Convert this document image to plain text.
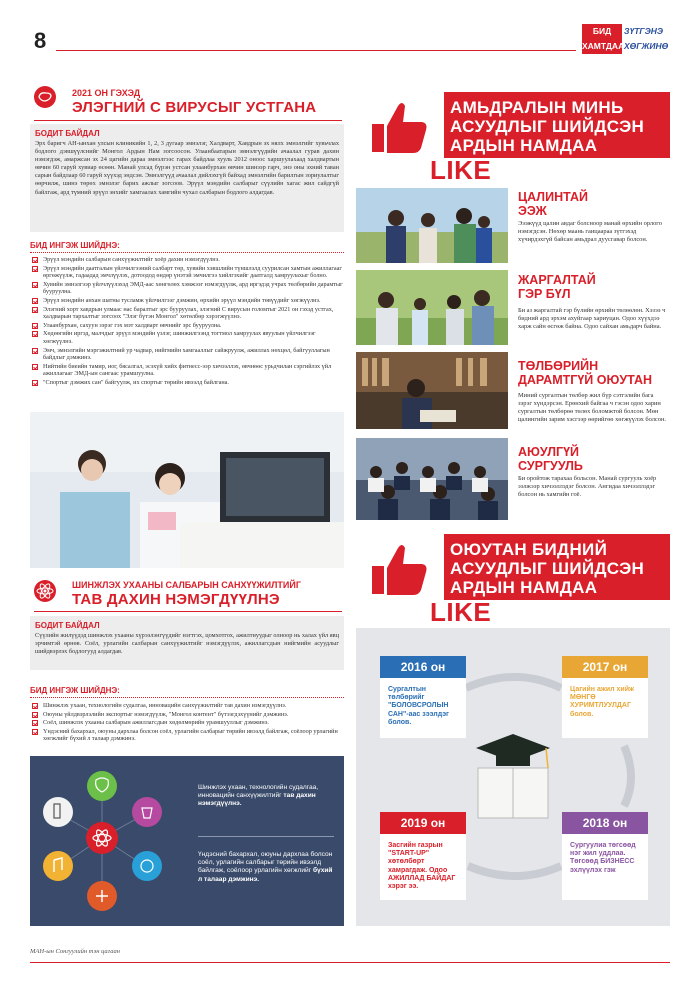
8	БИД
ХАМТДАА
ЗҮТГЭНЭ
ХӨГЖИНӨ
2021 ОН ГЭХЭД
ЭЛЭГНИЙ С ВИРУСЫГ УСТГАНА
БОДИТ БАЙДАЛ
Эрх баригч АН-ынхан улсын клиникийн 1, 2, 3 дугаар эмнэлэг, Халдварт, Хавдрын эх нялх эмнэлгийг хувьчлах бодлого дэвшүүлснийг Монгол Ардын Нам зогсоосон. Улаанбаатарын эмнэлгүүдийн ачаалал гурав дахин нэмэгдэж, амаржсан эх 24 цагийн дараа эмнэлгээс гарах байдлаа хууль 2012 оноос харшуулахаад халдвартын өвчин 60 гаруй хувиар өсөөн. Манай улсад бүрэн устсан улаанбурхан өвчин шинээр гарч, энэ оны эхний таван сарын байдлаар 60 гаруй хүүхэд эндсэн. Эмнэлгүүд ачаалал дийлэхгүй байхад эмнэлгийн барилгын зориулалтыг өөрчилж, шинэ төрөх эмнэлэг барих ажлыг зогсоов. Эрүүл мэндийн салбарыг сүүлийн хагас жил сайдгүй байлгаж, ард түмний эрүүл энхийг хамгаалах хамгийн чухал салбарын бодлого алдагдав.
БИД ИНГЭЖ ШИЙДНЭ:
Эрүүл мэндийн салбарын санхүүжилтийг хоёр дахин нэмэгдүүлнэ.
Эрүүл мэндийн даатгалын үйлчилгээний салбарт төр, хувийн хэвшлийн түншлэлд суурилсан хамтын ажиллагааг өргөжүүлж, гадаадад эмчлүүлэх, дотоодод өндөр үнэтэй эмчилгээ хийлгэхийг даатгалд хамруулахыг болно.
Хувийн эмнэлгээр үйлчлүүлэхэд ЭМД-аас хөнгөлөх хэмжээг нэмэгдүүлж, ард иргэдэд учрах төлбөрийн дарамтыг бууруулна.
Эрүүл мэндийн анхан шатны тусламж үйлчилгээг дэмжин, өрхийн эрүүл мэндийн төвүүдийг хөгжүүлнэ.
Элэгний хорт хавдрын улмаас нас баралтыг эрс бууруулах, элэгний С вирусын голомтыг 2021 он гэхэд устгах, халдварын тархалтыг зогсоох "Элэг бүтэн Монгол" хөтөлбөр хэрэгжүүлнэ.
Улаанбурхан, сахуун зэрэг гэх мэт халдварт өвчнийг эрс бууруулна.
Хөдөөгийн иргэд, малчдыг эрүүл мэндийн үзлэг, шинжилгээнд тогтмол хамруулах явуулын үйлчилгээг хөгжүүлнэ.
Эмч, эмнэлгийн мэргэжилтний ур чадвар, нийгмийн хамгааллыг сайжруулж, ажиллах нөхцөл, байгууллагын байдлыг дэмжинэ.
Нийтийн биеийн тамир, иог, бясалгал, эсэхүй хийх фитнесс-ээр хичээллэх, өвчнөөс урьдчилан сэргийлэх үйл ажиллагааг ЭМД-ын сангаас урамшуулна.
"Спортыг дэмжих сан" байгуулж, их спортыг төрийн ивээлд байлгана.
ШИНЖЛЭХ УХААНЫ САЛБАРЫН САНХҮҮЖИЛТИЙГ
ТАВ ДАХИН НЭМЭГДҮҮЛНЭ
БОДИТ БАЙДАЛ
Сүүлийн жилүүдэд шинжлэх ухааны хүрээлэнгүүдийг нэгтгэх, цомхотгох, ажилтнуудыг олноор нь халах үйл явц эрчимтэй өрнөв. Соёл, урлагийн салбарын санхүүжилтийг нэмэгдүүлэх, ажиллагсдын нийгмийн асуудлыг шийдвэрлэх бодлогууд алдагдав.
БИД ИНГЭЖ ШИЙДНЭ:
Шинжлэх ухаан, технологийн судалгаа, инновацийн санхүүжилтийг тав дахин нэмэгдүүлнэ.
Оюуны үйлдвэрлэлийн экспортыг нэмэгдүүлж, "Монгол контент" бүтээгдэхүүнийг дэмжинэ.
Соёл, шинжлэх ухааны салбарын ажиллагсдын хөдөлмөрийн урамшууллыг дэмжинэ.
Үндэсний бахархал, оюуны дархлаа болсон соёл, урлагийн салбарыг төрийн ивээлд байлгаж, соёлоор урлагийн хөгжлийг бүхий л талаар дэмжинэ.
Шинжлэх ухаан, технологийн судалгаа, инновацийн санхүүжилтийг тав дахин нэмэгдүүлнэ.
Үндэсний бахархал, оюуны дархлаа болсон соёл, урлагийн салбарыг төрийн ивээлд байлгаж, соёлоор урлагийн хөгжлийг бүхий л талаар дэмжинэ.
АМЬДРАЛЫН МИНЬ
АСУУДЛЫГ ШИЙДСЭН
АРДЫН НАМДАА
LIKE
ЦАЛИНТАЙ
ЭЭЖ
Эээжүүд цалин авдаг болсноор манай өрхийн орлого нэмэгдсэн. Нөхөр маань гаицаараа зүтгэхэд хүчирдэхгүй байсан амьдрал дуусгавар болсон.
ЖАРГАЛТАЙ
ГЭР БҮЛ
Би аз жаргалтай гэр бүлийн өрхийн төлөөлөн. Хэзээ ч бидний ард эрхэм ахуйгаар хариуцан. Одоо хүүхдээ харж сайн өсгөж байна. Одоо сайхан амьдарч байна.
ТӨЛБӨРИЙН
ДАРАМТГҮЙ ОЮУТАН
Миний сургалтын төлбөр жил бүр сэтгэлийн бага зэрэг хүндэрсэн. Ерөнхий байгаа ч гэсэн одоо харин сургалтын төлбөрөө төлөх боломжтой болсон. Мөн цалингийн зарим хэсгээр өөрийгөө хөгжүүлэх болсон.
АЮУЛГҮЙ
СУРГУУЛЬ
Би оройтож тарахаа больсон. Манай сургууль хоёр ээлжээр хичээллэдэг болсон. Ангидаа хичээллэдэг болсон нь хамгийн гоё.
ОЮУТАН БИДНИЙ
АСУУДЛЫГ ШИЙДСЭН
АРДЫН НАМДАА
LIKE
2016 он
Сургалтын төлбөрийг "БОЛОВСРОЛЫН САН"-аас зээлдэг болов.
2017 он
Цагийн ажил хийж МӨНГӨ ХУРИМТЛУУЛДАГ болов.
2019 он
Засгийн газрын "START-UP" хөтөлбөрт хамрагдаж. Одоо АЖИЛЛАД БАЙДАГ хэрэг ээ.
2018 он
Сургуулиа төгсөөд нэг жил уддлаа. Төгсөөд БИЗНЕСС эхлүүлэх гэж
МАН-ын Сонгуулийн тэн цагаан
